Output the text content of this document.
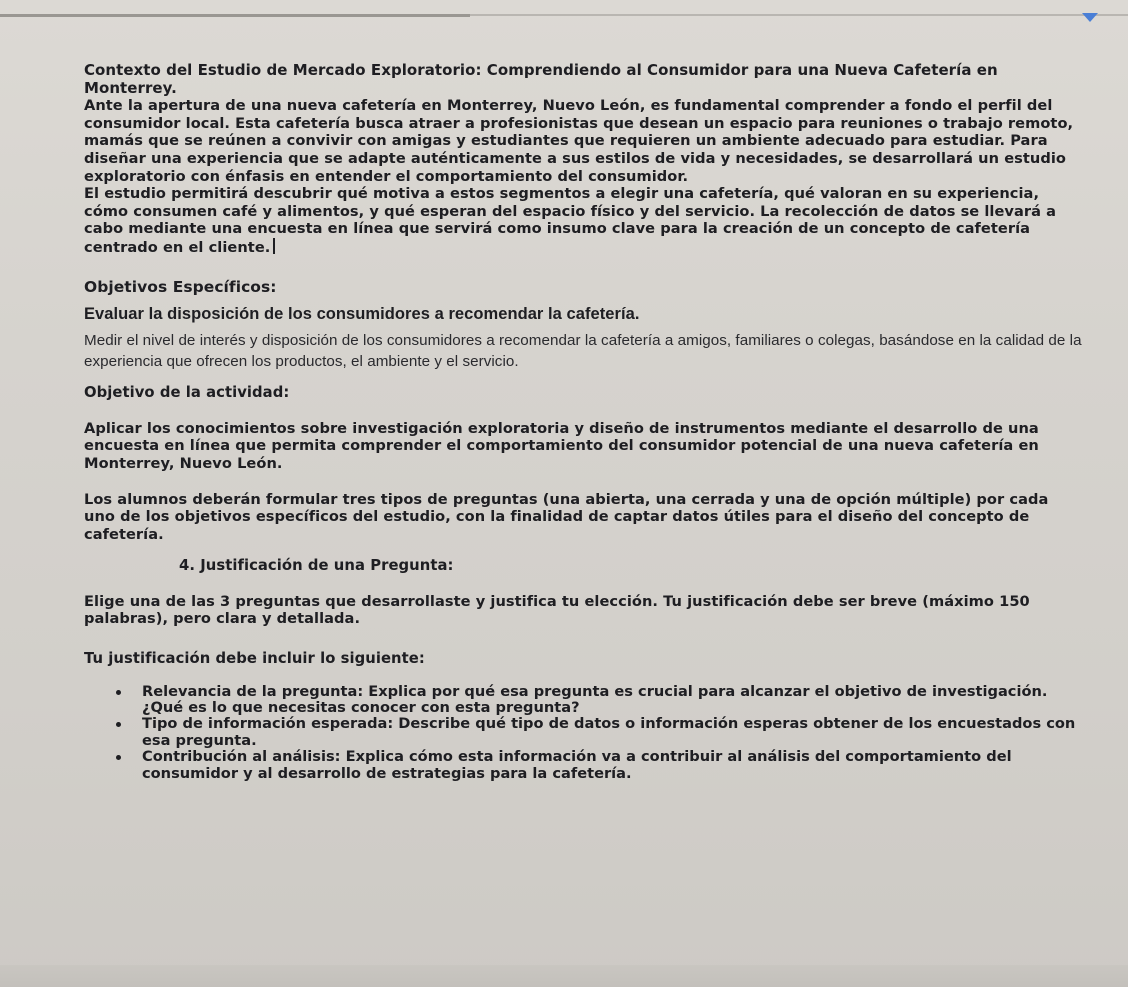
Contexto del Estudio de Mercado Exploratorio: Comprendiendo al Consumidor para una Nueva Cafetería en Monterrey.

Ante la apertura de una nueva cafetería en Monterrey, Nuevo León, es fundamental comprender a fondo el perfil del consumidor local. Esta cafetería busca atraer a profesionistas que desean un espacio para reuniones o trabajo remoto, mamás que se reúnen a convivir con amigas y estudiantes que requieren un ambiente adecuado para estudiar. Para diseñar una experiencia que se adapte auténticamente a sus estilos de vida y necesidades, se desarrollará un estudio exploratorio con énfasis en entender el comportamiento del consumidor.

El estudio permitirá descubrir qué motiva a estos segmentos a elegir una cafetería, qué valoran en su experiencia, cómo consumen café y alimentos, y qué esperan del espacio físico y del servicio. La recolección de datos se llevará a cabo mediante una encuesta en línea que servirá como insumo clave para la creación de un concepto de cafetería centrado en el cliente.

Objetivos Específicos:

Evaluar la disposición de los consumidores a recomendar la cafetería.

Medir el nivel de interés y disposición de los consumidores a recomendar la cafetería a amigos, familiares o colegas, basándose en la calidad de la experiencia que ofrecen los productos, el ambiente y el servicio.

Objetivo de la actividad:

Aplicar los conocimientos sobre investigación exploratoria y diseño de instrumentos mediante el desarrollo de una encuesta en línea que permita comprender el comportamiento del consumidor potencial de una nueva cafetería en Monterrey, Nuevo León.

Los alumnos deberán formular tres tipos de preguntas (una abierta, una cerrada y una de opción múltiple) por cada uno de los objetivos específicos del estudio, con la finalidad de captar datos útiles para el diseño del concepto de cafetería.

4. Justificación de una Pregunta:

Elige una de las 3 preguntas que desarrollaste y justifica tu elección. Tu justificación debe ser breve (máximo 150 palabras), pero clara y detallada.

Tu justificación debe incluir lo siguiente:

Relevancia de la pregunta: Explica por qué esa pregunta es crucial para alcanzar el objetivo de investigación. ¿Qué es lo que necesitas conocer con esta pregunta?
Tipo de información esperada: Describe qué tipo de datos o información esperas obtener de los encuestados con esa pregunta.
Contribución al análisis: Explica cómo esta información va a contribuir al análisis del comportamiento del consumidor y al desarrollo de estrategias para la cafetería.
